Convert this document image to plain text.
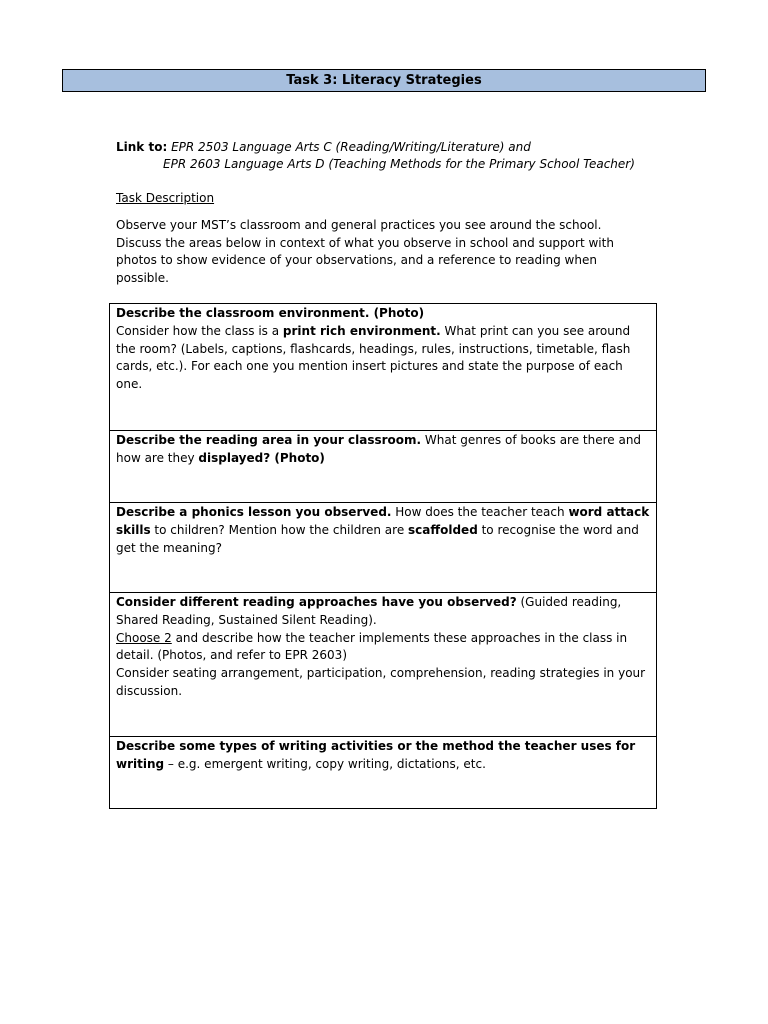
Task 3: Literacy Strategies
Link to: EPR 2503 Language Arts C (Reading/Writing/Literature) and
EPR 2603 Language Arts D (Teaching Methods for the Primary School Teacher)
Task Description
Observe your MST’s classroom and general practices you see around the school. Discuss the areas below in context of what you observe in school and support with photos to show evidence of your observations, and a reference to reading when possible.
Describe the classroom environment. (Photo)
Consider how the class is a print rich environment. What print can you see around the room? (Labels, captions, flashcards, headings, rules, instructions, timetable, flash cards, etc.). For each one you mention insert pictures and state the purpose of each one.
Describe the reading area in your classroom. What genres of books are there and how are they displayed? (Photo)
Describe a phonics lesson you observed. How does the teacher teach word attack skills to children? Mention how the children are scaffolded to recognise the word and get the meaning?
Consider different reading approaches have you observed? (Guided reading, Shared Reading, Sustained Silent Reading).
Choose 2 and describe how the teacher implements these approaches in the class in detail. (Photos, and refer to EPR 2603)
Consider seating arrangement, participation, comprehension, reading strategies in your discussion.
Describe some types of writing activities or the method the teacher uses for writing – e.g. emergent writing, copy writing, dictations, etc.
